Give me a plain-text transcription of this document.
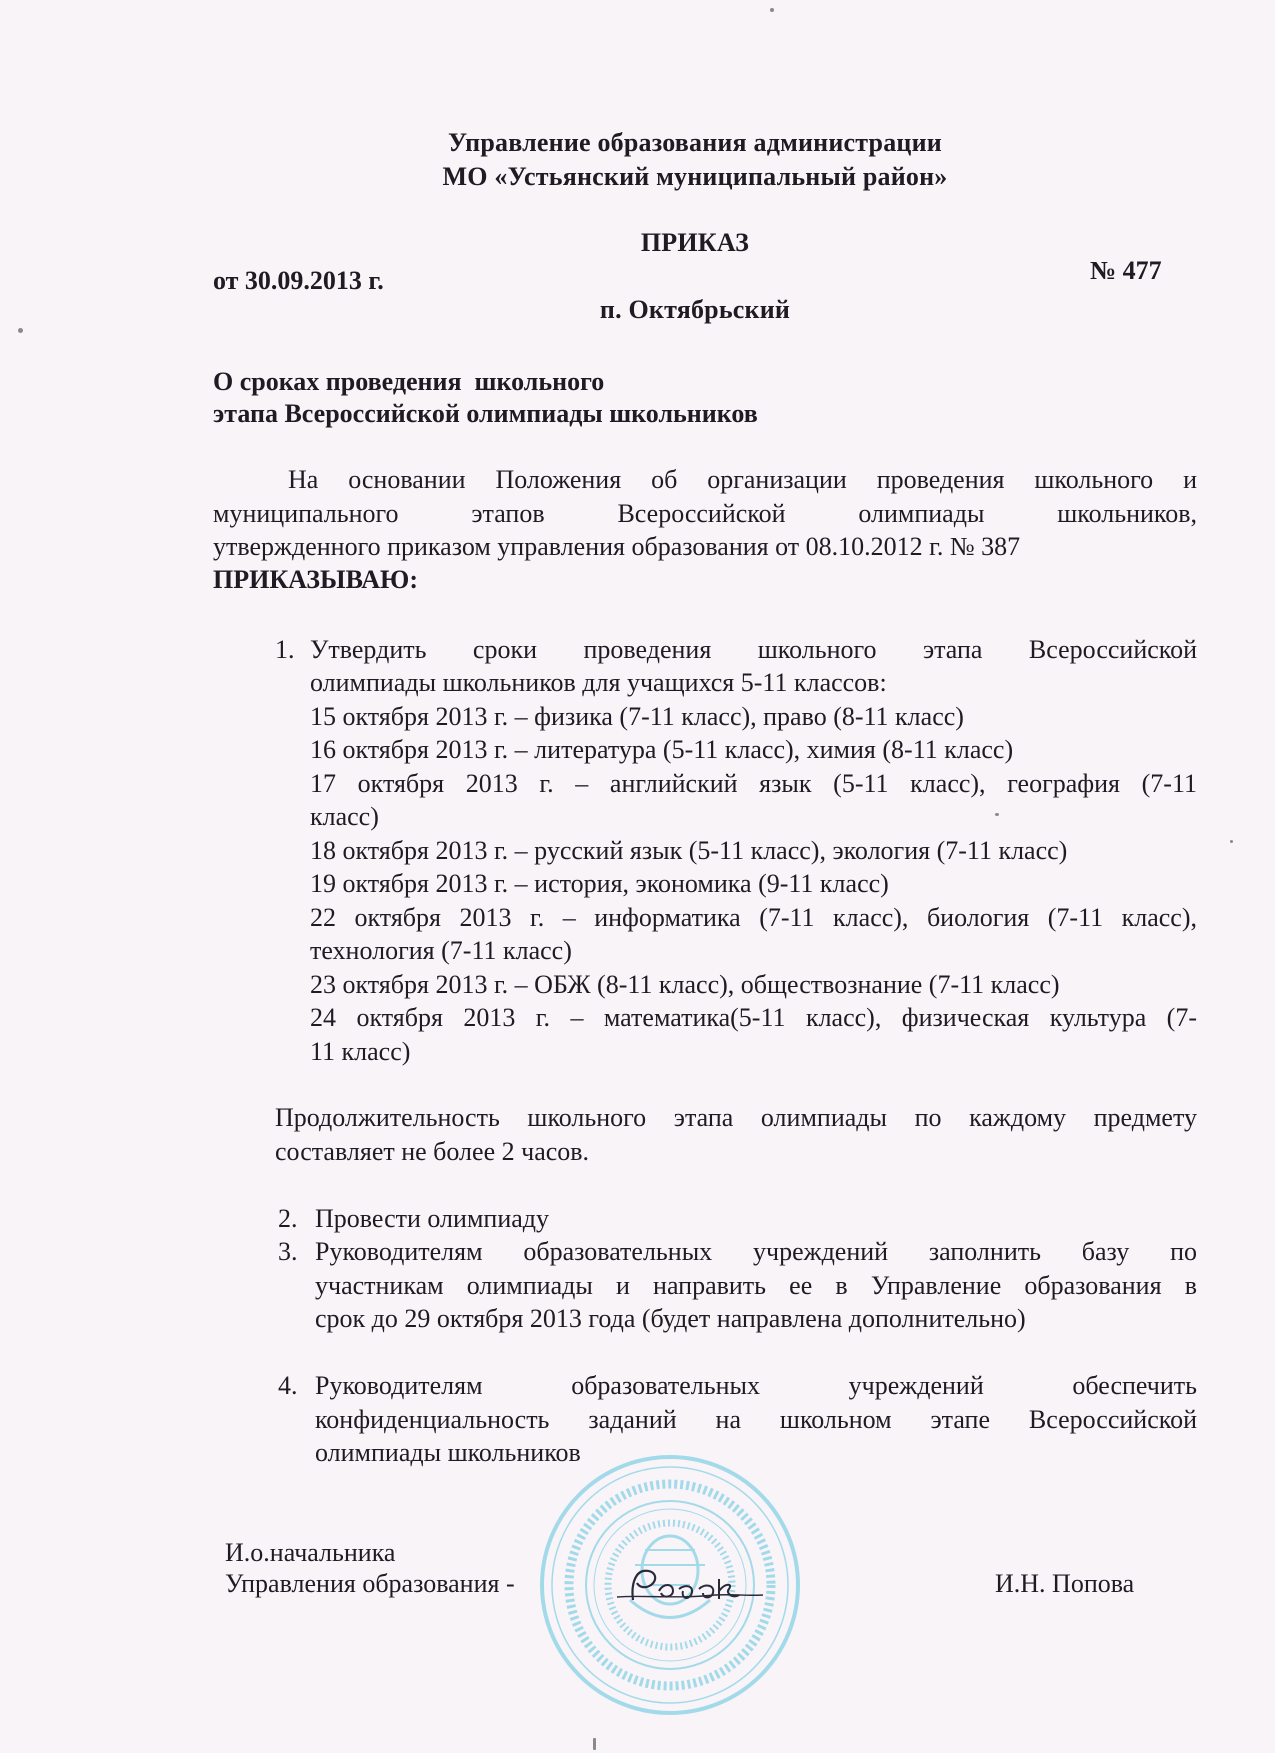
Управление образования администрации
МО «Устьянский муниципальный район»
ПРИКАЗ
от 30.09.2013 г.	№ 477
п. Октябрьский
О сроках проведения  школьного
этапа Всероссийской олимпиады школьников
На основании Положения об организации проведения школьного и
муниципального этапов Всероссийской олимпиады школьников,
утвержденного приказом управления образования от 08.10.2012 г. № 387
ПРИКАЗЫВАЮ:
1. Утвердить сроки проведения школьного этапа Всероссийской
олимпиады школьников для учащихся 5-11 классов:
15 октября 2013 г. – физика (7-11 класс), право (8-11 класс)
16 октября 2013 г. – литература (5-11 класс), химия (8-11 класс)
17 октября 2013 г. – английский язык (5-11 класс), география (7-11
класс)
18 октября 2013 г. – русский язык (5-11 класс), экология (7-11 класс)
19 октября 2013 г. – история, экономика (9-11 класс)
22 октября 2013 г. – информатика (7-11 класс), биология (7-11 класс),
технология (7-11 класс)
23 октября 2013 г. – ОБЖ (8-11 класс), обществознание (7-11 класс)
24 октября 2013 г. – математика(5-11 класс), физическая культура (7-
11 класс)
Продолжительность школьного этапа олимпиады по каждому предмету
составляет не более 2 часов.
2. Провести олимпиаду
3. Руководителям образовательных учреждений заполнить базу по
участникам олимпиады и направить ее в Управление образования в
срок до 29 октября 2013 года (будет направлена дополнительно)
4. Руководителям образовательных учреждений обеспечить
конфиденциальность заданий на школьном этапе Всероссийской
олимпиады школьников
И.о.начальника
Управления образования -	И.Н. Попова
